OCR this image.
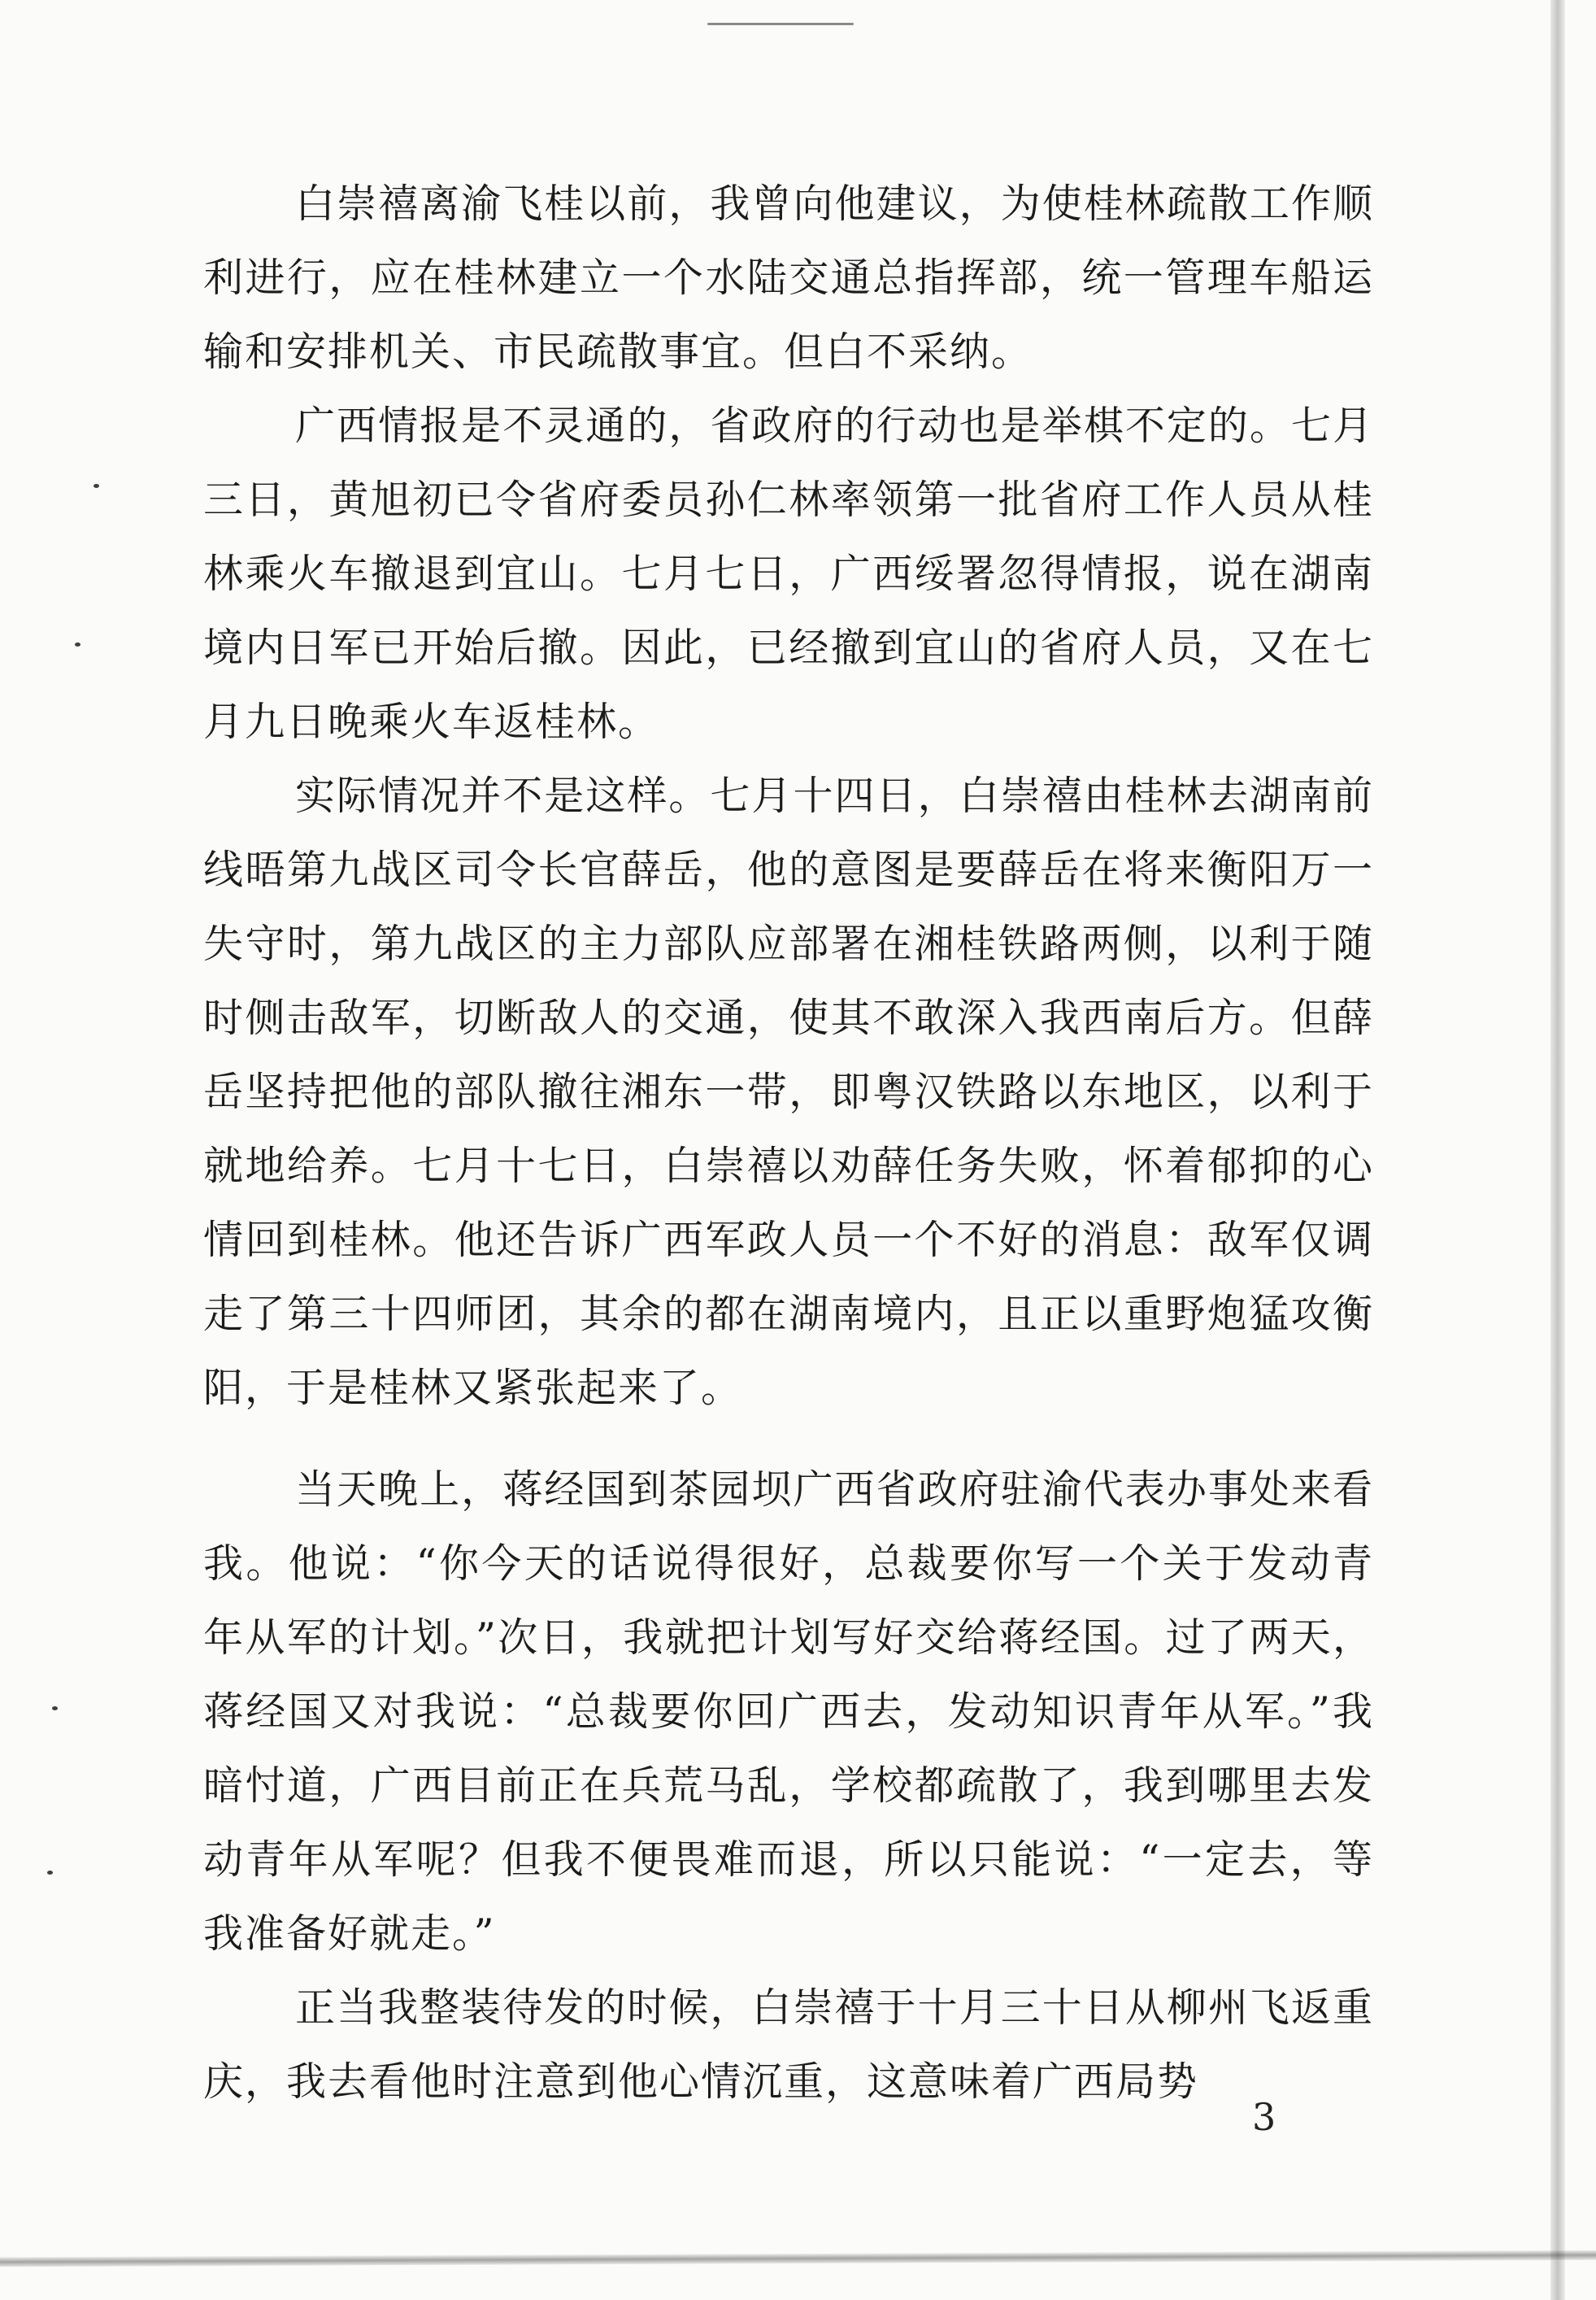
白崇禧离渝飞桂以前，我曾向他建议，为使桂林疏散工作顺利进行，应在桂林建立一个水陆交通总指挥部，统一管理车船运输和安排机关、市民疏散事宜。但白不采纳。

广西情报是不灵通的，省政府的行动也是举棋不定的。七月三日，黄旭初已令省府委员孙仁林率领第一批省府工作人员从桂林乘火车撤退到宜山。七月七日，广西绥署忽得情报，说在湖南境内日军已开始后撤。因此，已经撤到宜山的省府人员，又在七月九日晚乘火车返桂林。

实际情况并不是这样。七月十四日，白崇禧由桂林去湖南前线晤第九战区司令长官薛岳，他的意图是要薛岳在将来衡阳万一失守时，第九战区的主力部队应部署在湘桂铁路两侧，以利于随时侧击敌军，切断敌人的交通，使其不敢深入我西南后方。但薛岳坚持把他的部队撤往湘东一带，即粤汉铁路以东地区，以利于就地给养。七月十七日，白崇禧以劝薛任务失败，怀着郁抑的心情回到桂林。他还告诉广西军政人员一个不好的消息：敌军仅调走了第三十四师团，其余的都在湖南境内，且正以重野炮猛攻衡阳，于是桂林又紧张起来了。

当天晚上，蒋经国到茶园坝广西省政府驻渝代表办事处来看我。他说：“你今天的话说得很好，总裁要你写一个关于发动青年从军的计划。”次日，我就把计划写好交给蒋经国。过了两天，蒋经国又对我说：“总裁要你回广西去，发动知识青年从军。”我暗忖道，广西目前正在兵荒马乱，学校都疏散了，我到哪里去发动青年从军呢？但我不便畏难而退，所以只能说：“一定去，等我准备好就走。”

正当我整装待发的时候，白崇禧于十月三十日从柳州飞返重庆，我去看他时注意到他心情沉重，这意味着广西局势

3
